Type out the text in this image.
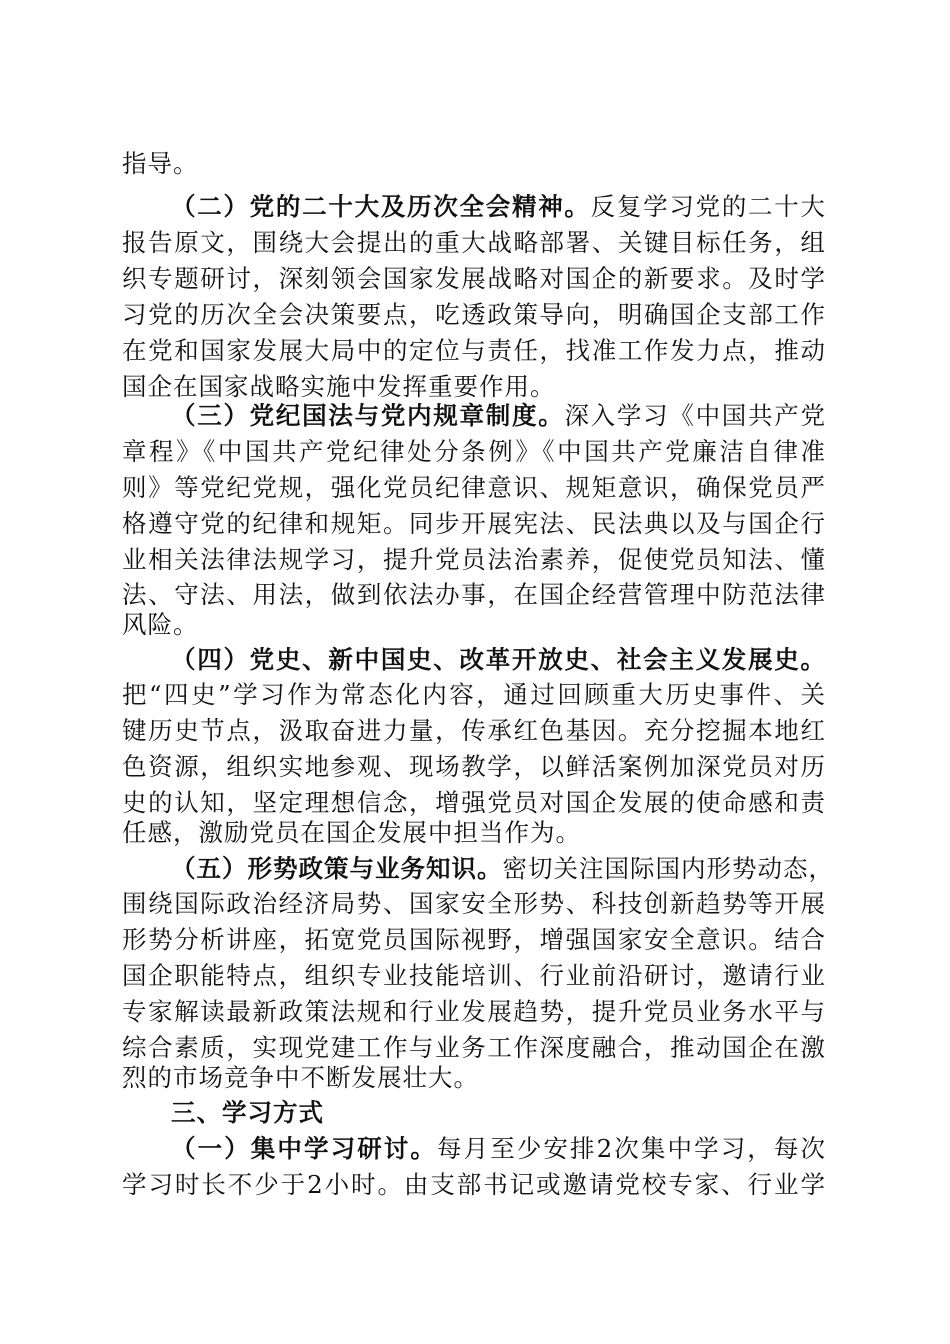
指导。
（二）党的二十大及历次全会精神。反复学习党的二十大
报告原文，围绕大会提出的重大战略部署、关键目标任务，组
织专题研讨，深刻领会国家发展战略对国企的新要求。及时学
习党的历次全会决策要点，吃透政策导向，明确国企支部工作
在党和国家发展大局中的定位与责任，找准工作发力点，推动
国企在国家战略实施中发挥重要作用。
（三）党纪国法与党内规章制度。深入学习《中国共产党
章程》《中国共产党纪律处分条例》《中国共产党廉洁自律准
则》等党纪党规，强化党员纪律意识、规矩意识，确保党员严
格遵守党的纪律和规矩。同步开展宪法、民法典以及与国企行
业相关法律法规学习，提升党员法治素养，促使党员知法、懂
法、守法、用法，做到依法办事，在国企经营管理中防范法律
风险。
（四）党史、新中国史、改革开放史、社会主义发展史。
把“四史”学习作为常态化内容，通过回顾重大历史事件、关
键历史节点，汲取奋进力量，传承红色基因。充分挖掘本地红
色资源，组织实地参观、现场教学，以鲜活案例加深党员对历
史的认知，坚定理想信念，增强党员对国企发展的使命感和责
任感，激励党员在国企发展中担当作为。
（五）形势政策与业务知识。密切关注国际国内形势动态，
围绕国际政治经济局势、国家安全形势、科技创新趋势等开展
形势分析讲座，拓宽党员国际视野，增强国家安全意识。结合
国企职能特点，组织专业技能培训、行业前沿研讨，邀请行业
专家解读最新政策法规和行业发展趋势，提升党员业务水平与
综合素质，实现党建工作与业务工作深度融合，推动国企在激
烈的市场竞争中不断发展壮大。
三、学习方式
（一）集中学习研讨。每月至少安排2次集中学习，每次
学习时长不少于2小时。由支部书记或邀请党校专家、行业学
